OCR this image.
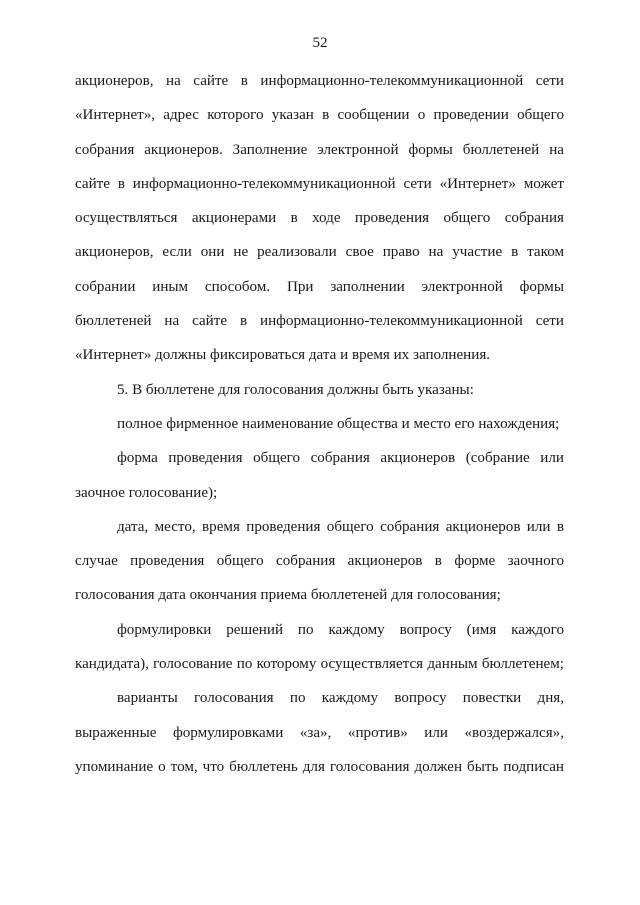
52
акционеров, на сайте в информационно-телекоммуникационной сети
«Интернет», адрес которого указан в сообщении о проведении общего
собрания акционеров. Заполнение электронной формы бюллетеней на
сайте в информационно-телекоммуникационной сети «Интернет» может
осуществляться акционерами в ходе проведения общего собрания
акционеров, если они не реализовали свое право на участие в таком
собрании иным способом. При заполнении электронной формы
бюллетеней на сайте в информационно-телекоммуникационной сети
«Интернет» должны фиксироваться дата и время их заполнения.
5. В бюллетене для голосования должны быть указаны:
полное фирменное наименование общества и место его нахождения;
форма проведения общего собрания акционеров (собрание или
заочное голосование);
дата, место, время проведения общего собрания акционеров или в
случае проведения общего собрания акционеров в форме заочного
голосования дата окончания приема бюллетеней для голосования;
формулировки решений по каждому вопросу (имя каждого
кандидата), голосование по которому осуществляется данным бюллетенем;
варианты голосования по каждому вопросу повестки дня,
выраженные формулировками «за», «против» или «воздержался»,
упоминание о том, что бюллетень для голосования должен быть подписан
